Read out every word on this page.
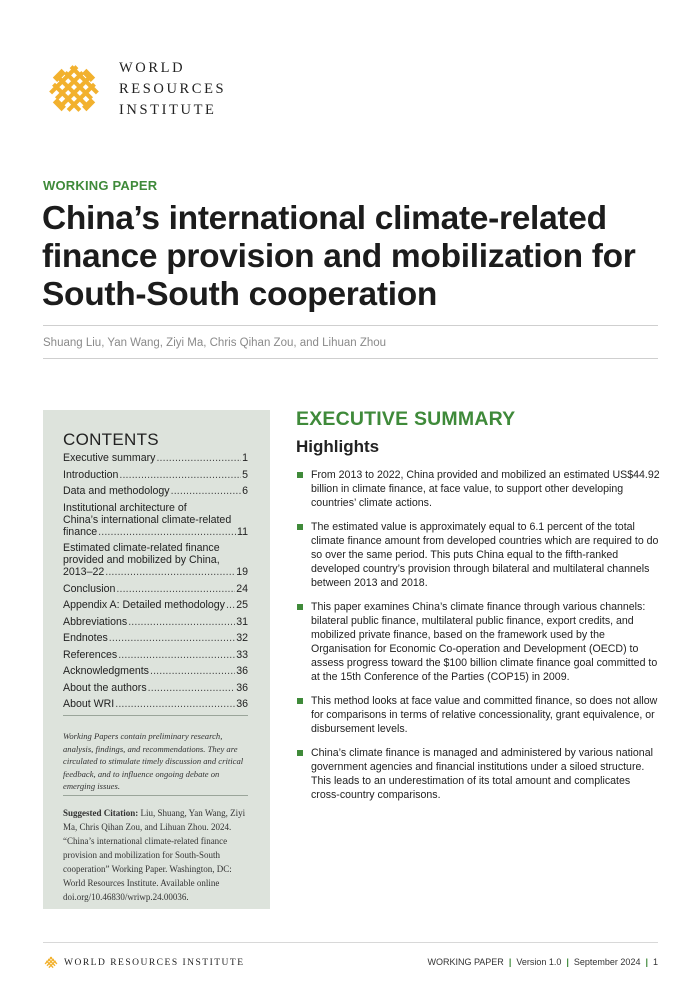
WORLD
RESOURCES
INSTITUTE
WORKING PAPER
China’s international climate-related
finance provision and mobilization for
South-South cooperation
Shuang Liu, Yan Wang, Ziyi Ma, Chris Qihan Zou, and Lihuan Zhou
CONTENTS
Executive summary . . .	1
Introduction . . .	5
Data and methodology . . .	6
Institutional architecture of
China’s international climate-related
finance . . .	11
Estimated climate-related finance
provided and mobilized by China,
2013–22 . . .	19
Conclusion . . .	24
Appendix A: Detailed methodology . . . 25
Abbreviations . . .	31
Endnotes . . .	32
References . . .	33
Acknowledgments . . .	36
About the authors . . .	36
About WRI . . .	36

Working Papers contain preliminary research, analysis, findings, and recommendations. They are circulated to stimulate timely discussion and critical feedback, and to influence ongoing debate on emerging issues.

Suggested Citation: Liu, Shuang, Yan Wang, Ziyi Ma, Chris Qihan Zou, and Lihuan Zhou. 2024. “China’s international climate-related finance provision and mobilization for South-South cooperation” Working Paper. Washington, DC: World Resources Institute. Available online doi.org/10.46830/wriwp.24.00036.

EXECUTIVE SUMMARY
Highlights
From 2013 to 2022, China provided and mobilized an estimated US$44.92 billion in climate finance, at face value, to support other developing countries’ climate actions.
The estimated value is approximately equal to 6.1 percent of the total climate finance amount from developed countries which are required to do so over the same period. This puts China equal to the fifth-ranked developed country’s provision through bilateral and multilateral channels between 2013 and 2018.
This paper examines China’s climate finance through various channels: bilateral public finance, multilateral public finance, export credits, and mobilized private finance, based on the framework used by the Organisation for Economic Co-operation and Development (OECD) to assess progress toward the $100 billion climate finance goal committed to at the 15th Conference of the Parties (COP15) in 2009.
This method looks at face value and committed finance, so does not allow for comparisons in terms of relative concessionality, grant equivalence, or disbursement levels.
China’s climate finance is managed and administered by various national government agencies and financial institutions under a siloed structure. This leads to an underestimation of its total amount and complicates cross-country comparisons.
WORLD RESOURCES INSTITUTE	WORKING PAPER | Version 1.0 | September 2024 | 1
